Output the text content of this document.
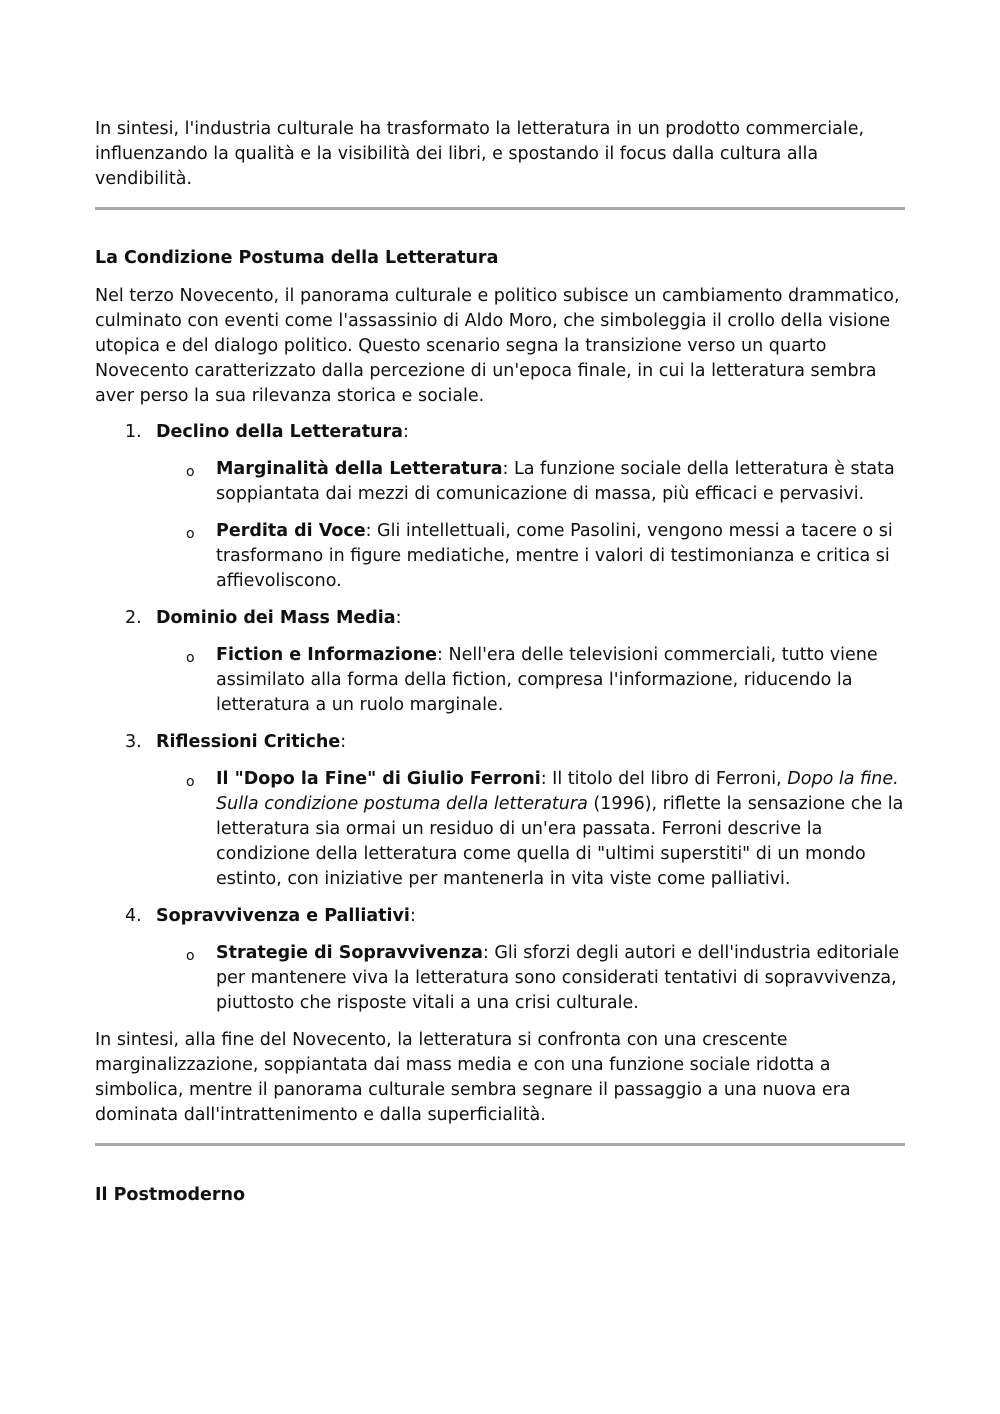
In sintesi, l'industria culturale ha trasformato la letteratura in un prodotto commerciale, influenzando la qualità e la visibilità dei libri, e spostando il focus dalla cultura alla vendibilità.

La Condizione Postuma della Letteratura

Nel terzo Novecento, il panorama culturale e politico subisce un cambiamento drammatico, culminato con eventi come l'assassinio di Aldo Moro, che simboleggia il crollo della visione utopica e del dialogo politico. Questo scenario segna la transizione verso un quarto Novecento caratterizzato dalla percezione di un'epoca finale, in cui la letteratura sembra aver perso la sua rilevanza storica e sociale.

1. Declino della Letteratura:
o Marginalità della Letteratura: La funzione sociale della letteratura è stata soppiantata dai mezzi di comunicazione di massa, più efficaci e pervasivi.
o Perdita di Voce: Gli intellettuali, come Pasolini, vengono messi a tacere o si trasformano in figure mediatiche, mentre i valori di testimonianza e critica si affievoliscono.
2. Dominio dei Mass Media:
o Fiction e Informazione: Nell'era delle televisioni commerciali, tutto viene assimilato alla forma della fiction, compresa l'informazione, riducendo la letteratura a un ruolo marginale.
3. Riflessioni Critiche:
o Il "Dopo la Fine" di Giulio Ferroni: Il titolo del libro di Ferroni, Dopo la fine. Sulla condizione postuma della letteratura (1996), riflette la sensazione che la letteratura sia ormai un residuo di un'era passata. Ferroni descrive la condizione della letteratura come quella di "ultimi superstiti" di un mondo estinto, con iniziative per mantenerla in vita viste come palliativi.
4. Sopravvivenza e Palliativi:
o Strategie di Sopravvivenza: Gli sforzi degli autori e dell'industria editoriale per mantenere viva la letteratura sono considerati tentativi di sopravvivenza, piuttosto che risposte vitali a una crisi culturale.

In sintesi, alla fine del Novecento, la letteratura si confronta con una crescente marginalizzazione, soppiantata dai mass media e con una funzione sociale ridotta a simbolica, mentre il panorama culturale sembra segnare il passaggio a una nuova era dominata dall'intrattenimento e dalla superficialità.

Il Postmoderno
